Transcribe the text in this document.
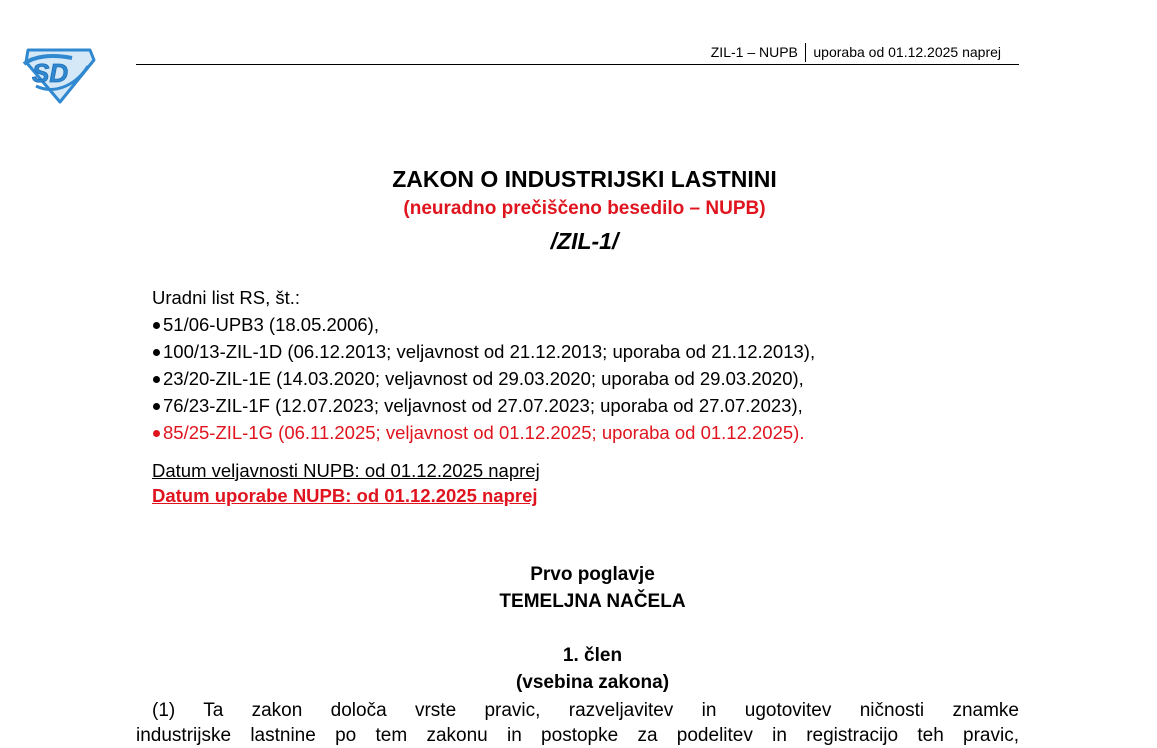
SD
ZIL-1 – NUPB	uporaba od 01.12.2025 naprej
ZAKON O INDUSTRIJSKI LASTNINI
(neuradno prečiščeno besedilo – NUPB)
/ZIL-1/
Uradni list RS, št.:
51/06-UPB3 (18.05.2006),
100/13-ZIL-1D (06.12.2013; veljavnost od 21.12.2013; uporaba od 21.12.2013),
23/20-ZIL-1E (14.03.2020; veljavnost od 29.03.2020; uporaba od 29.03.2020),
76/23-ZIL-1F (12.07.2023; veljavnost od 27.07.2023; uporaba od 27.07.2023),
85/25-ZIL-1G (06.11.2025; veljavnost od 01.12.2025; uporaba od 01.12.2025).
Datum veljavnosti NUPB: od 01.12.2025 naprej
Datum uporabe NUPB: od 01.12.2025 naprej
Prvo poglavje
TEMELJNA NAČELA
1. člen
(vsebina zakona)

(1) Ta zakon določa vrste pravic, razveljavitev in ugotovitev ničnosti znamke

industrijske lastnine po tem zakonu in postopke za podelitev in registracijo teh pravic,
